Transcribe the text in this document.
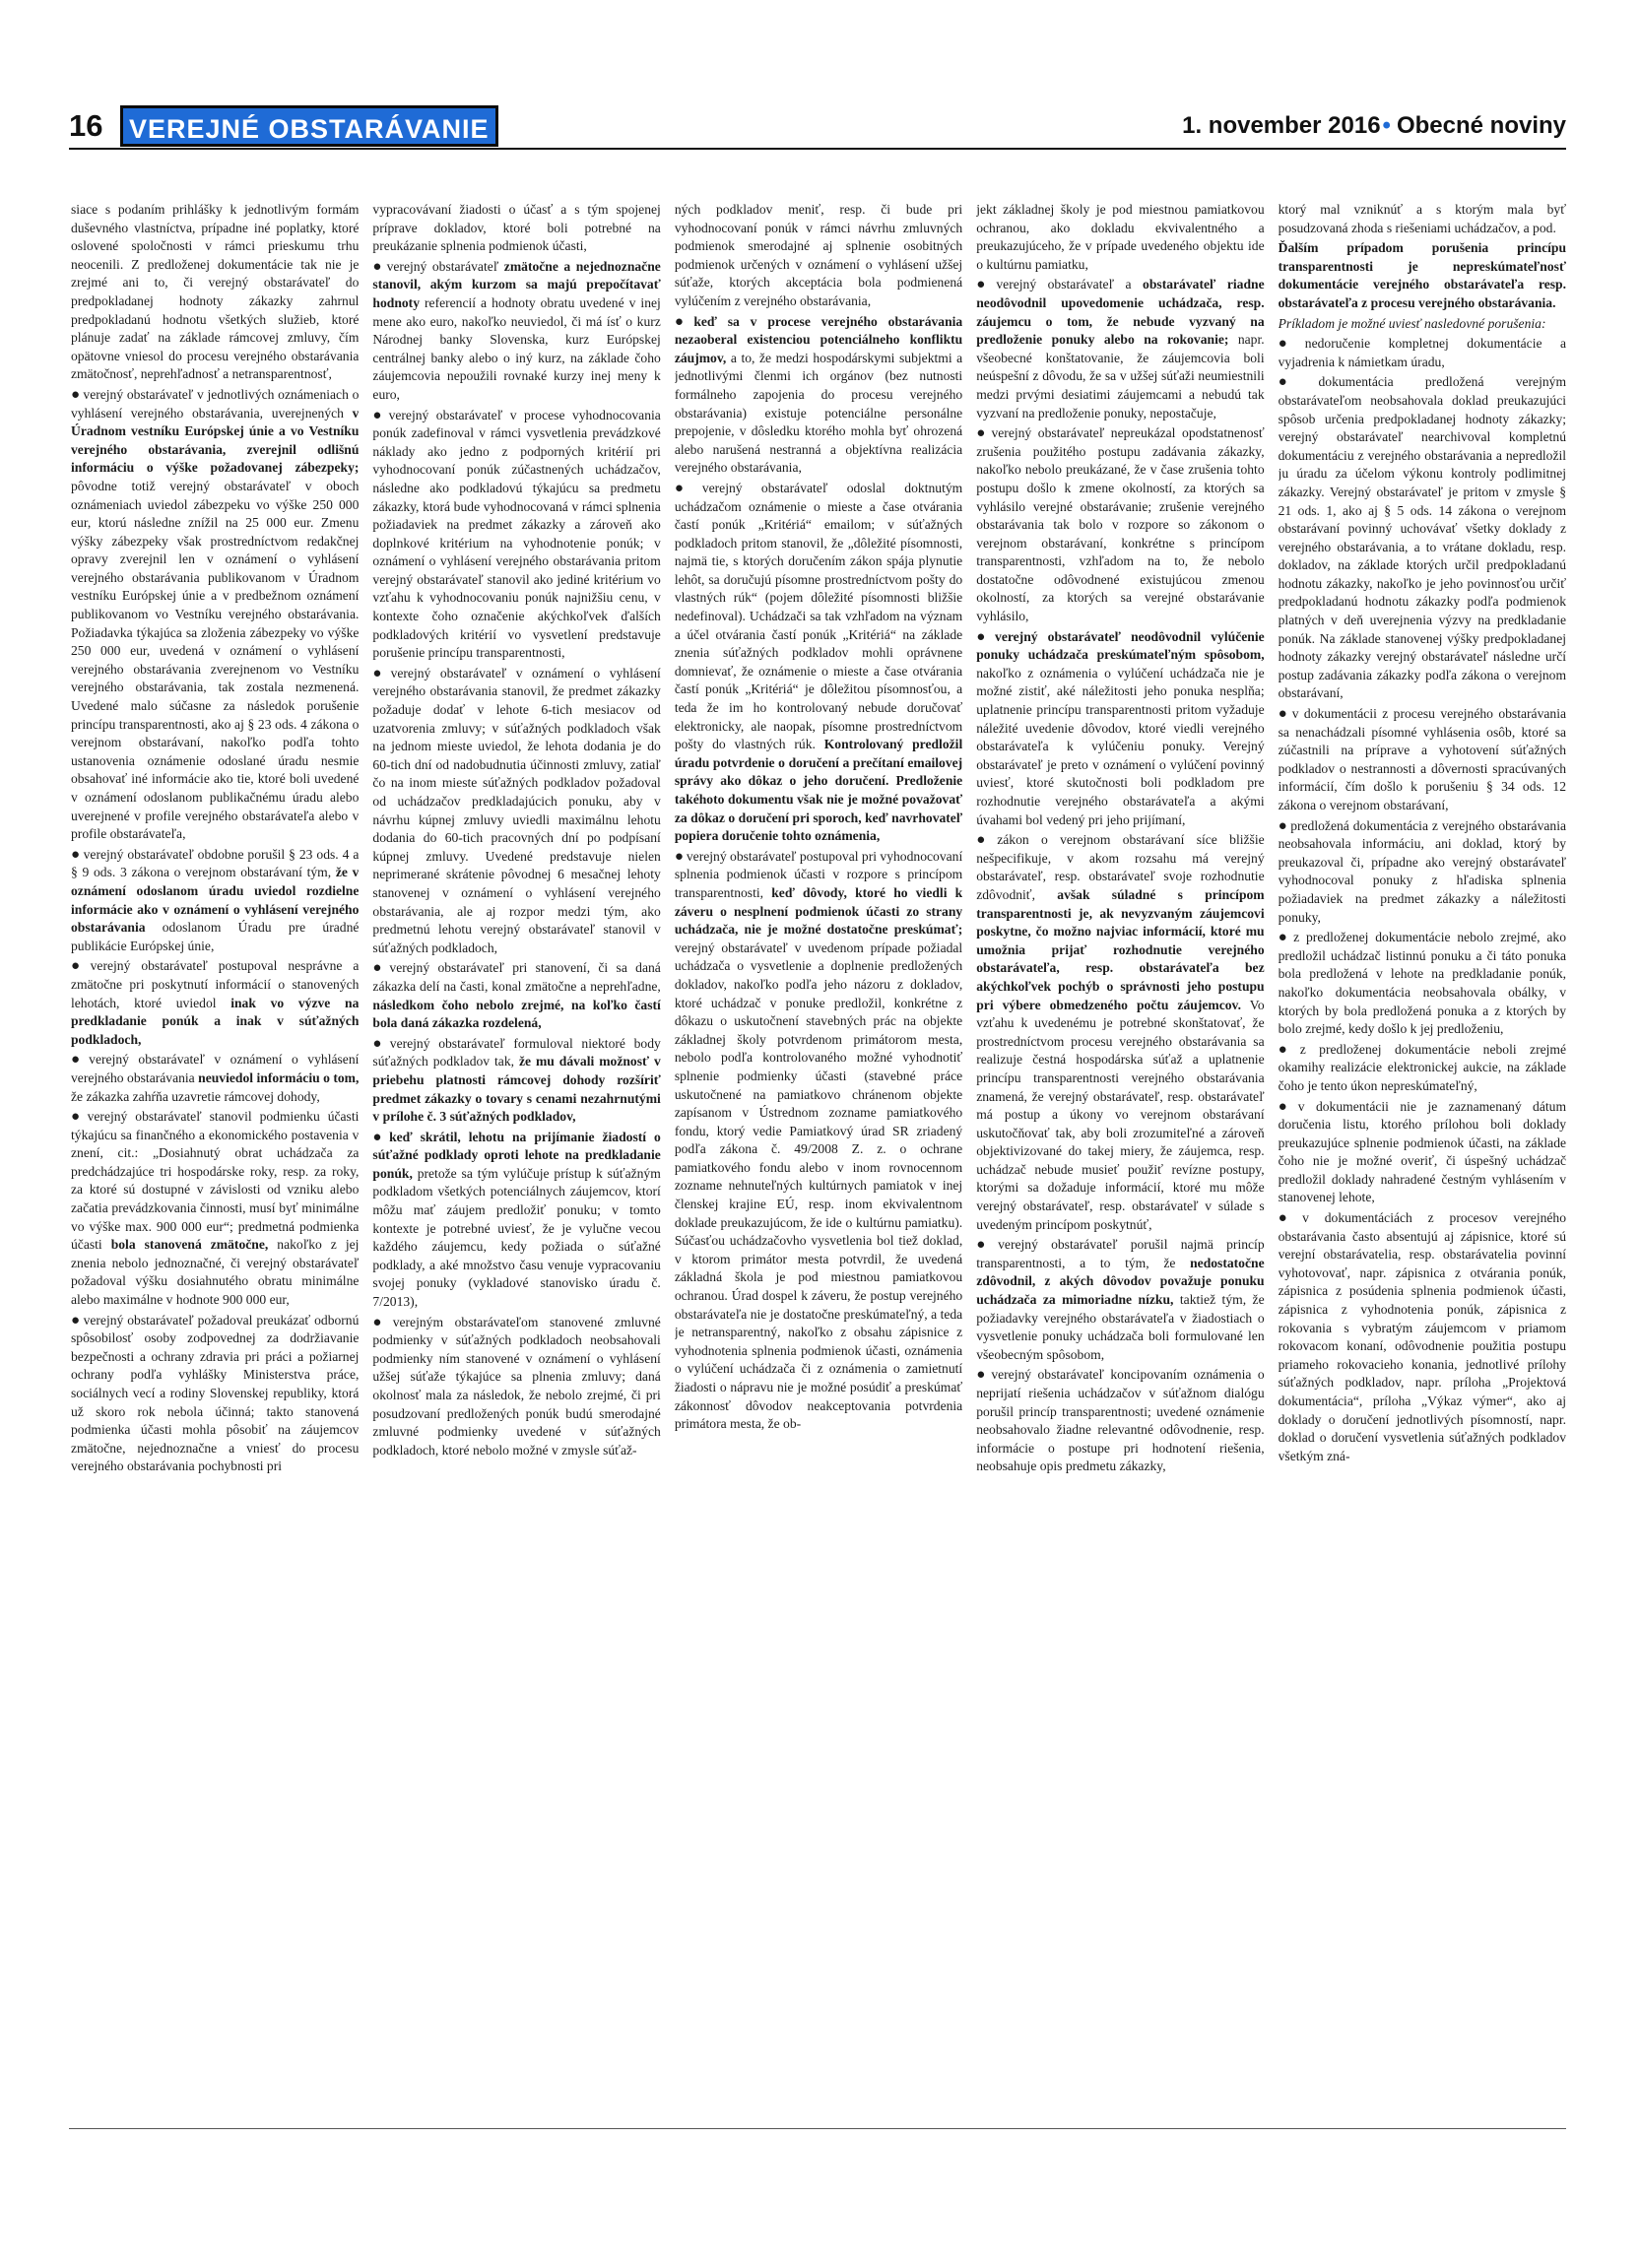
16 VEREJNÉ OBSTARÁVANIE	1. november 2016• Obecné noviny

siace s podaním prihlášky k jednotlivým formám duševného vlastníctva, prípadne iné poplatky, ktoré oslovené spoločnosti v rámci prieskumu trhu neocenili. Z predloženej dokumentácie tak nie je zrejmé ani to, či verejný obstarávateľ do predpokladanej hodnoty zákazky zahrnul predpokladanú hodnotu všetkých služieb, ktoré plánuje zadať na základe rámcovej zmluvy, čím opätovne vniesol do procesu verejného obstarávania zmätočnosť, neprehľadnosť a netransparentnosť,

● verejný obstarávateľ v jednotlivých oznámeniach o vyhlásení verejného obstarávania, uverejnených v Úradnom vestníku Európskej únie a vo Vestníku verejného obstarávania, zverejnil odlišnú informáciu o výške požadovanej zábezpeky; pôvodne totiž verejný obstarávateľ v oboch oznámeniach uviedol zábezpeku vo výške 250 000 eur, ktorú následne znížil na 25 000 eur. Zmenu výšky zábezpeky však prostredníctvom redakčnej opravy zverejnil len v oznámení o vyhlásení verejného obstarávania publikovanom v Úradnom vestníku Európskej únie a v predbežnom oznámení publikovanom vo Vestníku verejného obstarávania. Požiadavka týkajúca sa zloženia zábezpeky vo výške 250 000 eur, uvedená v oznámení o vyhlásení verejného obstarávania zverejnenom vo Vestníku verejného obstarávania, tak zostala nezmenená. Uvedené malo súčasne za následok porušenie princípu transparentnosti, ako aj § 23 ods. 4 zákona o verejnom obstarávaní, nakoľko podľa tohto ustanovenia oznámenie odoslané úradu nesmie obsahovať iné informácie ako tie, ktoré boli uvedené v oznámení odoslanom publikačnému úradu alebo uverejnené v profile verejného obstarávateľa alebo v profile obstarávateľa,

● verejný obstarávateľ obdobne porušil § 23 ods. 4 a § 9 ods. 3 zákona o verejnom obstarávaní tým, že v oznámení odoslanom úradu uviedol rozdielne informácie ako v oznámení o vyhlásení verejného obstarávania odoslanom Úradu pre úradné publikácie Európskej únie,

● verejný obstarávateľ postupoval nesprávne a zmätočne pri poskytnutí informácií o stanovených lehotách, ktoré uviedol inak vo výzve na predkladanie ponúk a inak v súťažných podkladoch,

● verejný obstarávateľ v oznámení o vyhlásení verejného obstarávania neuviedol informáciu o tom, že zákazka zahŕňa uzavretie rámcovej dohody,

● verejný obstarávateľ stanovil podmienku účasti týkajúcu sa finančného a ekonomického postavenia v znení, cit.: „Dosiahnutý obrat uchádzača za predchádzajúce tri hospodárske roky, resp. za roky, za ktoré sú dostupné v závislosti od vzniku alebo začatia prevádzkovania činnosti, musí byť minimálne vo výške max. 900 000 eur“; predmetná podmienka účasti bola stanovená zmätočne, nakoľko z jej znenia nebolo jednoznačné, či verejný obstarávateľ požadoval výšku dosiahnutého obratu minimálne alebo maximálne v hodnote 900 000 eur,

● verejný obstarávateľ požadoval preukázať odbornú spôsobilosť osoby zodpovednej za dodržiavanie bezpečnosti a ochrany zdravia pri práci a požiarnej ochrany podľa vyhlášky Ministerstva práce, sociálnych vecí a rodiny Slovenskej republiky, ktorá už skoro rok nebola účinná; takto stanovená podmienka účasti mohla pôsobiť na záujemcov zmätočne, nejednoznačne a vniesť do procesu verejného obstarávania pochybnosti pri

vypracovávaní žiadosti o účasť a s tým spojenej príprave dokladov, ktoré boli potrebné na preukázanie splnenia podmienok účasti,

● verejný obstarávateľ zmätočne a nejednoznačne stanovil, akým kurzom sa majú prepočítavať hodnoty referencií a hodnoty obratu uvedené v inej mene ako euro, nakoľko neuviedol, či má ísť o kurz Národnej banky Slovenska, kurz Európskej centrálnej banky alebo o iný kurz, na základe čoho záujemcovia nepoužili rovnaké kurzy inej meny k euro,

● verejný obstarávateľ v procese vyhodnocovania ponúk zadefinoval v rámci vysvetlenia prevádzkové náklady ako jedno z podporných kritérií pri vyhodnocovaní ponúk zúčastnených uchádzačov, následne ako podkladovú týkajúcu sa predmetu zákazky, ktorá bude vyhodnocovaná v rámci splnenia požiadaviek na predmet zákazky a zároveň ako doplnkové kritérium na vyhodnotenie ponúk; v oznámení o vyhlásení verejného obstarávania pritom verejný obstarávateľ stanovil ako jediné kritérium vo vzťahu k vyhodnocovaniu ponúk najnižšiu cenu, v kontexte čoho označenie akýchkoľvek ďalších podkladových kritérií vo vysvetlení predstavuje porušenie princípu transparentnosti,

● verejný obstarávateľ v oznámení o vyhlásení verejného obstarávania stanovil, že predmet zákazky požaduje dodať v lehote 6-tich mesiacov od uzatvorenia zmluvy; v súťažných podkladoch však na jednom mieste uviedol, že lehota dodania je do 60-tich dní od nadobudnutia účinnosti zmluvy, zatiaľ čo na inom mieste súťažných podkladov požadoval od uchádzačov predkladajúcich ponuku, aby v návrhu kúpnej zmluvy uviedli maximálnu lehotu dodania do 60-tich pracovných dní po podpísaní kúpnej zmluvy. Uvedené predstavuje nielen neprimerané skrátenie pôvodnej 6 mesačnej lehoty stanovenej v oznámení o vyhlásení verejného obstarávania, ale aj rozpor medzi tým, ako predmetnú lehotu verejný obstarávateľ stanovil v súťažných podkladoch,

● verejný obstarávateľ pri stanovení, či sa daná zákazka delí na časti, konal zmätočne a neprehľadne, následkom čoho nebolo zrejmé, na koľko častí bola daná zákazka rozdelená,

● verejný obstarávateľ formuloval niektoré body súťažných podkladov tak, že mu dávali možnosť v priebehu platnosti rámcovej dohody rozšíriť predmet zákazky o tovary s cenami nezahrnutými v prílohe č. 3 súťažných podkladov,

● keď skrátil, lehotu na prijímanie žiadostí o súťažné podklady oproti lehote na predkladanie ponúk, pretože sa tým vylúčuje prístup k súťažným podkladom všetkých potenciálnych záujemcov, ktorí môžu mať záujem predložiť ponuku; v tomto kontexte je potrebné uviesť, že je vylučne vecou každého záujemcu, kedy požiada o súťažné podklady, a aké množstvo času venuje vypracovaniu svojej ponuky (vykladové stanovisko úradu č. 7/2013),

● verejným obstarávateľom stanovené zmluvné podmienky v súťažných podkladoch neobsahovali podmienky ním stanovené v oznámení o vyhlásení užšej súťaže týkajúce sa plnenia zmluvy; daná okolnosť mala za následok, že nebolo zrejmé, či pri posudzovaní predložených ponúk budú smerodajné zmluvné podmienky uvedené v súťažných podkladoch, ktoré nebolo možné v zmysle súťaž-

ných podkladov meniť, resp. či bude pri vyhodnocovaní ponúk v rámci návrhu zmluvných podmienok smerodajné aj splnenie osobitných podmienok určených v oznámení o vyhlásení užšej súťaže, ktorých akceptácia bola podmienená vylúčením z verejného obstarávania,

● keď sa v procese verejného obstarávania nezaoberal existenciou potenciálneho konfliktu záujmov, a to, že medzi hospodárskymi subjektmi a jednotlivými členmi ich orgánov (bez nutnosti formálneho zapojenia do procesu verejného obstarávania) existuje potenciálne personálne prepojenie, v dôsledku ktorého mohla byť ohrozená alebo narušená nestranná a objektívna realizácia verejného obstarávania,

● verejný obstarávateľ odoslal doktnutým uchádzačom oznámenie o mieste a čase otvárania častí ponúk „Kritériá“ emailom; v súťažných podkladoch pritom stanovil, že „dôležité písomnosti, najmä tie, s ktorých doručením zákon spája plynutie lehôt, sa doručujú písomne prostredníctvom pošty do vlastných rúk“ (pojem dôležité písomnosti bližšie nedefinoval). Uchádzači sa tak vzhľadom na význam a účel otvárania častí ponúk „Kritériá“ na základe znenia súťažných podkladov mohli oprávnene domnievať, že oznámenie o mieste a čase otvárania častí ponúk „Kritériá“ je dôležitou písomnosťou, a teda že im ho kontrolovaný nebude doručovať elektronicky, ale naopak, písomne prostredníctvom pošty do vlastných rúk. Kontrolovaný predložil úradu potvrdenie o doručení a prečítaní emailovej správy ako dôkaz o jeho doručení. Predloženie takéhoto dokumentu však nie je možné považovať za dôkaz o doručení pri sporoch, keď navrhovateľ popiera doručenie tohto oznámenia,

● verejný obstarávateľ postupoval pri vyhodnocovaní splnenia podmienok účasti v rozpore s princípom transparentnosti, keď dôvody, ktoré ho viedli k záveru o nesplnení podmienok účasti zo strany uchádzača, nie je možné dostatočne preskúmať; verejný obstarávateľ v uvedenom prípade požiadal uchádzača o vysvetlenie a doplnenie predložených dokladov, nakoľko podľa jeho názoru z dokladov, ktoré uchádzač v ponuke predložil, konkrétne z dôkazu o uskutočnení stavebných prác na objekte základnej školy potvrdenom primátorom mesta, nebolo podľa kontrolovaného možné vyhodnotiť splnenie podmienky účasti (stavebné práce uskutočnené na pamiatkovo chránenom objekte zapísanom v Ústrednom zozname pamiatkového fondu, ktorý vedie Pamiatkový úrad SR zriadený podľa zákona č. 49/2008 Z. z. o ochrane pamiatkového fondu alebo v inom rovnocennom zozname nehnuteľných kultúrnych pamiatok v inej členskej krajine EÚ, resp. inom ekvivalentnom doklade preukazujúcom, že ide o kultúrnu pamiatku). Súčasťou uchádzačovho vysvetlenia bol tiež doklad, v ktorom primátor mesta potvrdil, že uvedená základná škola je pod miestnou pamiatkovou ochranou. Úrad dospel k záveru, že postup verejného obstarávateľa nie je dostatočne preskúmateľný, a teda je netransparentný, nakoľko z obsahu zápisnice z vyhodnotenia splnenia podmienok účasti, oznámenia o vylúčení uchádzača či z oznámenia o zamietnutí žiadosti o nápravu nie je možné posúdiť a preskúmať zákonnosť dôvodov neakceptovania potvrdenia primátora mesta, že ob-

jekt základnej školy je pod miestnou pamiatkovou ochranou, ako dokladu ekvivalentného a preukazujúceho, že v prípade uvedeného objektu ide o kultúrnu pamiatku,

● verejný obstarávateľ a obstarávateľ riadne neodôvodnil upovedomenie uchádzača, resp. záujemcu o tom, že nebude vyzvaný na predloženie ponuky alebo na rokovanie; napr. všeobecné konštatovanie, že záujemcovia boli neúspešní z dôvodu, že sa v užšej súťaži neumiestnili medzi prvými desiatimi záujemcami a nebudú tak vyzvaní na predloženie ponuky, nepostačuje,

● verejný obstarávateľ nepreukázal opodstatnenosť zrušenia použitého postupu zadávania zákazky, nakoľko nebolo preukázané, že v čase zrušenia tohto postupu došlo k zmene okolností, za ktorých sa vyhlásilo verejné obstarávanie; zrušenie verejného obstarávania tak bolo v rozpore so zákonom o verejnom obstarávaní, konkrétne s princípom transparentnosti, vzhľadom na to, že nebolo dostatočne odôvodnené existujúcou zmenou okolností, za ktorých sa verejné obstarávanie vyhlásilo,

● verejný obstarávateľ neodôvodnil vylúčenie ponuky uchádzača preskúmateľným spôsobom, nakoľko z oznámenia o vylúčení uchádzača nie je možné zistiť, aké náležitosti jeho ponuka nesplňa; uplatnenie princípu transparentnosti pritom vyžaduje náležité uvedenie dôvodov, ktoré viedli verejného obstarávateľa k vylúčeniu ponuky. Verejný obstarávateľ je preto v oznámení o vylúčení povinný uviesť, ktoré skutočnosti boli podkladom pre rozhodnutie verejného obstarávateľa a akými úvahami bol vedený pri jeho prijímaní,

● zákon o verejnom obstarávaní síce bližšie nešpecifikuje, v akom rozsahu má verejný obstarávateľ, resp. obstarávateľ svoje rozhodnutie zdôvodniť, avšak súladné s princípom transparentnosti je, ak nevyzvaným záujemcovi poskytne, čo možno najviac informácií, ktoré mu umožnia prijať rozhodnutie verejného obstarávateľa, resp. obstarávateľa bez akýchkoľvek pochýb o správnosti jeho postupu pri výbere obmedzeného počtu záujemcov. Vo vzťahu k uvedenému je potrebné skonštatovať, že prostredníctvom procesu verejného obstarávania sa realizuje čestná hospodárska súťaž a uplatnenie princípu transparentnosti verejného obstarávania znamená, že verejný obstarávateľ, resp. obstarávateľ má postup a úkony vo verejnom obstarávaní uskutočňovať tak, aby boli zrozumiteľné a zároveň objektivizované do takej miery, že záujemca, resp. uchádzač nebude musieť použiť revízne postupy, ktorými sa dožaduje informácií, ktoré mu môže verejný obstarávateľ, resp. obstarávateľ v súlade s uvedeným princípom poskytnúť,

● verejný obstarávateľ porušil najmä princíp transparentnosti, a to tým, že nedostatočne zdôvodnil, z akých dôvodov považuje ponuku uchádzača za mimoriadne nízku, taktiež tým, že požiadavky verejného obstarávateľa v žiadostiach o vysvetlenie ponuky uchádzača boli formulované len všeobecným spôsobom,

● verejný obstarávateľ koncipovaním oznámenia o neprijatí riešenia uchádzačov v súťažnom dialógu porušil princíp transparentnosti; uvedené oznámenie neobsahovalo žiadne relevantné odôvodnenie, resp. informácie o postupe pri hodnotení riešenia, neobsahuje opis predmetu zákazky,

ktorý mal vzniknúť a s ktorým mala byť posudzovaná zhoda s riešeniami uchádzačov, a pod.

Ďalším prípadom porušenia princípu transparentnosti je nepreskúmateľnosť dokumentácie verejného obstarávateľa resp. obstarávateľa z procesu verejného obstarávania.

Príkladom je možné uviesť nasledovné porušenia:

● nedoručenie kompletnej dokumentácie a vyjadrenia k námietkam úradu,

● dokumentácia predložená verejným obstarávateľom neobsahovala doklad preukazujúci spôsob určenia predpokladanej hodnoty zákazky; verejný obstarávateľ nearchivoval kompletnú dokumentáciu z verejného obstarávania a nepredložil ju úradu za účelom výkonu kontroly podlimitnej zákazky. Verejný obstarávateľ je pritom v zmysle § 21 ods. 1, ako aj § 5 ods. 14 zákona o verejnom obstarávaní povinný uchovávať všetky doklady z verejného obstarávania, a to vrátane dokladu, resp. dokladov, na základe ktorých určil predpokladanú hodnotu zákazky, nakoľko je jeho povinnosťou určiť predpokladanú hodnotu zákazky podľa podmienok platných v deň uverejnenia výzvy na predkladanie ponúk. Na základe stanovenej výšky predpokladanej hodnoty zákazky verejný obstarávateľ následne určí postup zadávania zákazky podľa zákona o verejnom obstarávaní,

● v dokumentácii z procesu verejného obstarávania sa nenachádzali písomné vyhlásenia osôb, ktoré sa zúčastnili na príprave a vyhotovení súťažných podkladov o nestrannosti a dôvernosti spracúvaných informácií, čím došlo k porušeniu § 34 ods. 12 zákona o verejnom obstarávaní,

● predložená dokumentácia z verejného obstarávania neobsahovala informáciu, ani doklad, ktorý by preukazoval či, prípadne ako verejný obstarávateľ vyhodnocoval ponuky z hľadiska splnenia požiadaviek na predmet zákazky a náležitosti ponuky,

● z predloženej dokumentácie nebolo zrejmé, ako predložil uchádzač listinnú ponuku a či táto ponuka bola predložená v lehote na predkladanie ponúk, nakoľko dokumentácia neobsahovala obálky, v ktorých by bola predložená ponuka a z ktorých by bolo zrejmé, kedy došlo k jej predloženiu,

● z predloženej dokumentácie neboli zrejmé okamihy realizácie elektronickej aukcie, na základe čoho je tento úkon nepreskúmateľný,

● v dokumentácii nie je zaznamenaný dátum doručenia listu, ktorého prílohou boli doklady preukazujúce splnenie podmienok účasti, na základe čoho nie je možné overiť, či úspešný uchádzač predložil doklady nahradené čestným vyhlásením v stanovenej lehote,

● v dokumentáciách z procesov verejného obstarávania často absentujú aj zápisnice, ktoré sú verejní obstarávatelia, resp. obstarávatelia povinní vyhotovovať, napr. zápisnica z otvárania ponúk, zápisnica z posúdenia splnenia podmienok účasti, zápisnica z vyhodnotenia ponúk, zápisnica z rokovania s vybratým záujemcom v priamom rokovacom konaní, odôvodnenie použitia postupu priameho rokovacieho konania, jednotlivé prílohy súťažných podkladov, napr. príloha „Projektová dokumentácia“, príloha „Výkaz výmer“, ako aj doklady o doručení jednotlivých písomností, napr. doklad o doručení vysvetlenia súťažných podkladov všetkým zná-
